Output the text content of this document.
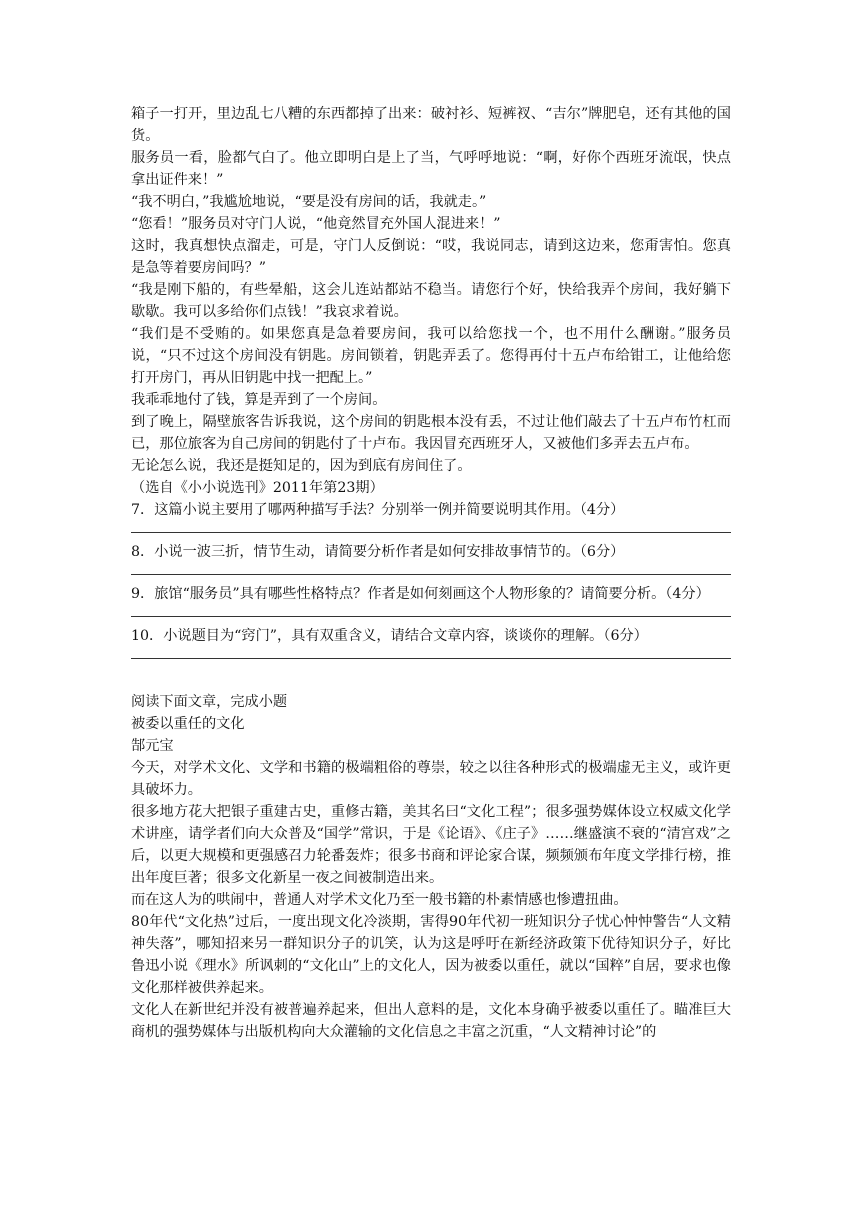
箱子一打开，里边乱七八糟的东西都掉了出来：破衬衫、短裤衩、“吉尔”牌肥皂，还有其他的国货。

服务员一看，脸都气白了。他立即明白是上了当，气呼呼地说：“啊，好你个西班牙流氓，快点拿出证件来！”

“我不明白，”我尴尬地说，“要是没有房间的话，我就走。”

“您看！”服务员对守门人说，“他竟然冒充外国人混进来！”

这时，我真想快点溜走，可是，守门人反倒说：“哎，我说同志，请到这边来，您甭害怕。您真是急等着要房间吗？”

“我是刚下船的，有些晕船，这会儿连站都站不稳当。请您行个好，快给我弄个房间，我好躺下歇歇。我可以多给你们点钱！”我哀求着说。

“我们是不受贿的。如果您真是急着要房间，我可以给您找一个，也不用什么酬谢。”服务员说，“只不过这个房间没有钥匙。房间锁着，钥匙弄丢了。您得再付十五卢布给钳工，让他给您打开房门，再从旧钥匙中找一把配上。”

我乖乖地付了钱，算是弄到了一个房间。

到了晚上，隔壁旅客告诉我说，这个房间的钥匙根本没有丢，不过让他们敲去了十五卢布竹杠而已，那位旅客为自己房间的钥匙付了十卢布。我因冒充西班牙人，又被他们多弄去五卢布。

无论怎么说，我还是挺知足的，因为到底有房间住了。

（选自《小小说选刊》2011年第23期）

7．这篇小说主要用了哪两种描写手法？分别举一例并简要说明其作用。（4分）

8．小说一波三折，情节生动，请简要分析作者是如何安排故事情节的。（6分）

9．旅馆“服务员”具有哪些性格特点？作者是如何刻画这个人物形象的？请简要分析。（4分）

10．小说题目为“窍门”，具有双重含义，请结合文章内容，谈谈你的理解。（6分）

阅读下面文章，完成小题

被委以重任的文化

郜元宝

今天，对学术文化、文学和书籍的极端粗俗的尊崇，较之以往各种形式的极端虚无主义，或许更具破坏力。

很多地方花大把银子重建古史，重修古籍，美其名曰“文化工程”；很多强势媒体设立权威文化学术讲座，请学者们向大众普及“国学”常识，于是《论语》、《庄子》……继盛演不衰的“清宫戏”之后，以更大规模和更强感召力轮番轰炸；很多书商和评论家合谋，频频颁布年度文学排行榜，推出年度巨著；很多文化新星一夜之间被制造出来。

而在这人为的哄闹中，普通人对学术文化乃至一般书籍的朴素情感也惨遭扭曲。

80年代“文化热”过后，一度出现文化冷淡期，害得90年代初一班知识分子忧心忡忡警告“人文精神失落”，哪知招来另一群知识分子的讥笑，认为这是呼吁在新经济政策下优待知识分子，好比鲁迅小说《理水》所讽刺的“文化山”上的文化人，因为被委以重任，就以“国粹”自居，要求也像文化那样被供养起来。

文化人在新世纪并没有被普遍养起来，但出人意料的是，文化本身确乎被委以重任了。瞄准巨大商机的强势媒体与出版机构向大众灌输的文化信息之丰富之沉重，“人文精神讨论”的
